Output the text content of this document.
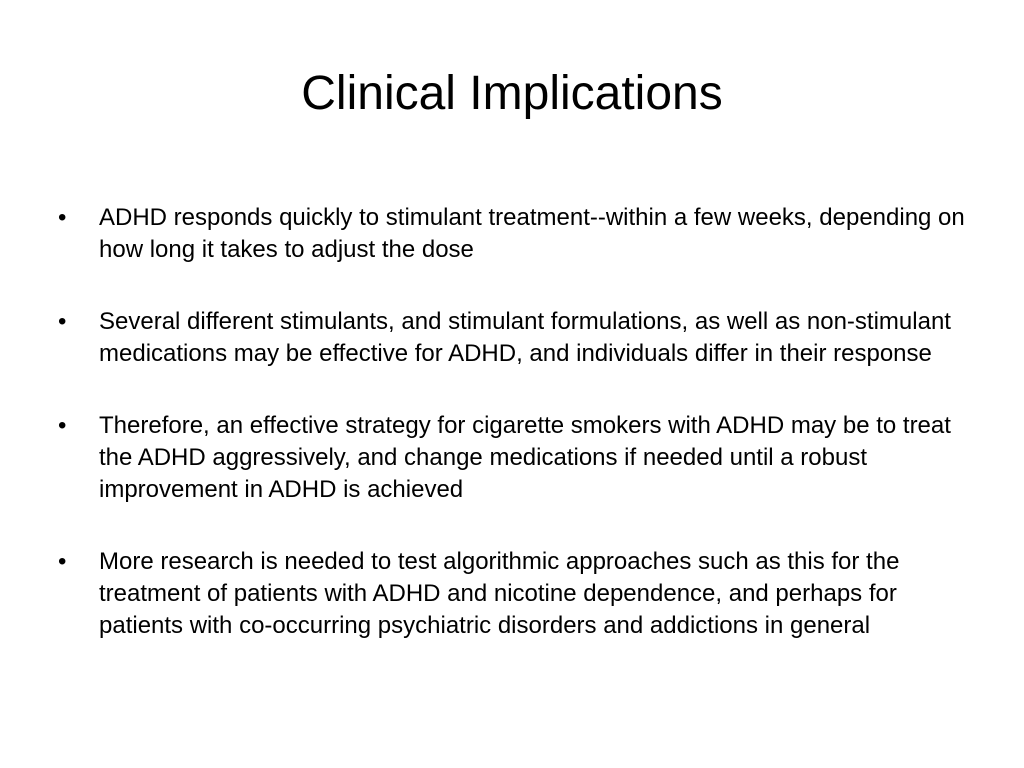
Clinical Implications
•	ADHD responds quickly to stimulant treatment--within a few weeks, depending on how long it takes to adjust the dose
•	Several different stimulants, and stimulant formulations, as well as non-stimulant medications may be effective for ADHD, and individuals differ in their response
•	Therefore, an effective strategy for cigarette smokers with ADHD may be to treat the ADHD aggressively, and change medications if needed until a robust improvement in ADHD is achieved
•	More research is needed to test algorithmic approaches such as this for the treatment of patients with ADHD and nicotine dependence, and perhaps for patients with co-occurring psychiatric disorders and addictions in general
